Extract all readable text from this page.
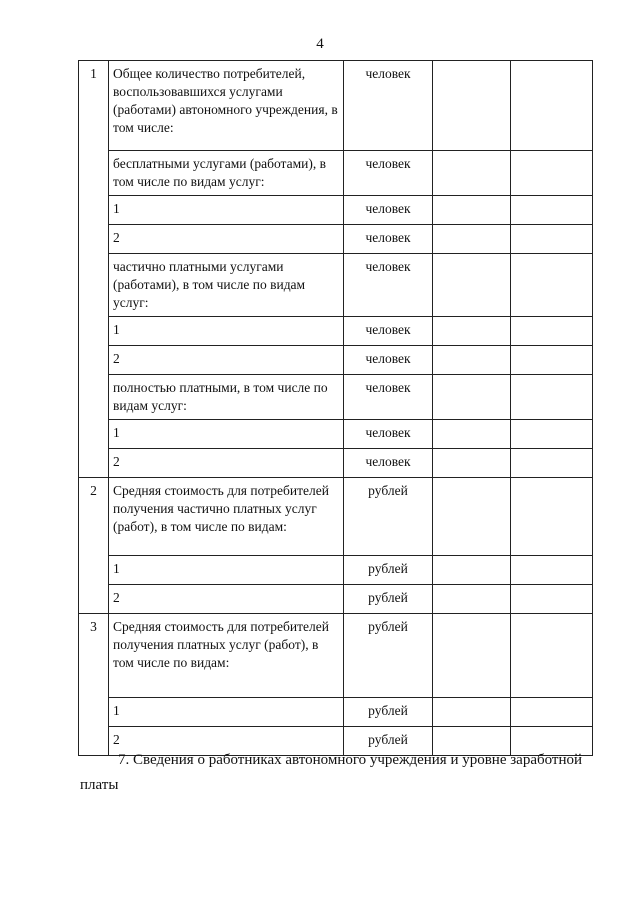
4
1	Общее количество потребителей, воспользовавшихся услугами (работами) автономного учреждения, в том числе:	человек		
	бесплатными услугами (работами), в том числе по видам услуг:	человек		
	1	человек		
	2	человек		
	частично платными услугами (работами), в том числе по видам услуг:	человек		
	1	человек		
	2	человек		
	полностью платными, в том числе по видам услуг:	человек		
	1	человек		
	2	человек		
2	Средняя стоимость для потребителей получения частично платных услуг (работ), в том числе по видам:	рублей		
	1	рублей		
	2	рублей		
3	Средняя стоимость для потребителей получения платных услуг (работ), в том числе по видам:	рублей		
	1	рублей		
	2	рублей		
7. Сведения о работниках автономного учреждения и уровне заработной
платы
